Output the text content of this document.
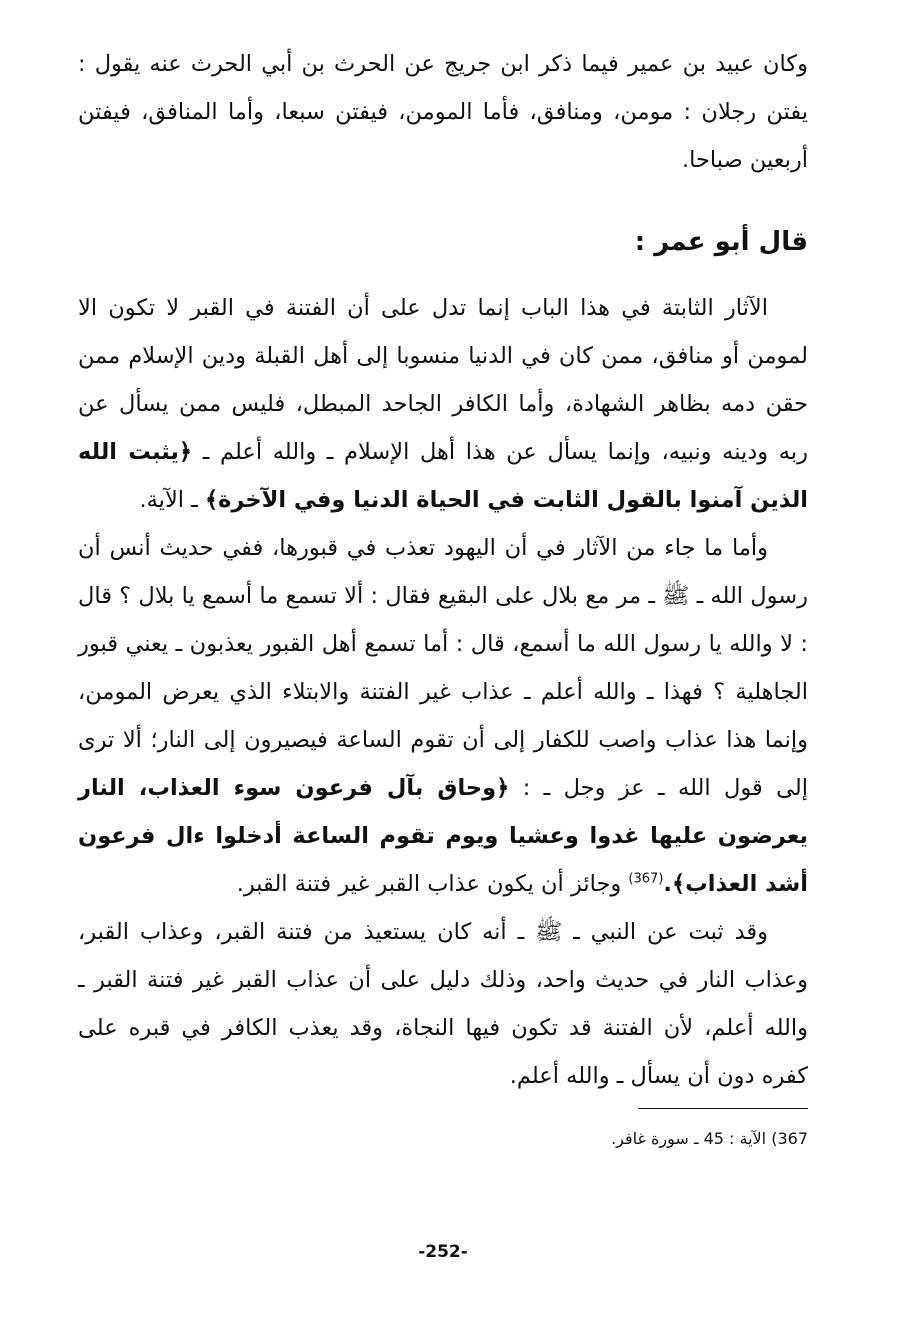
وكان عبيد بن عمير فيما ذكر ابن جريج عن الحرث بن أبي الحرث عنه يقول : يفتن رجلان : مومن، ومنافق، فأما المومن، فيفتن سبعا، وأما المنافق، فيفتن أربعين صباحا.

قال أبو عمر :

الآثار الثابتة في هذا الباب إنما تدل على أن الفتنة في القبر لا تكون الا لمومن أو منافق، ممن كان في الدنيا منسوبا إلى أهل القبلة ودين الإسلام ممن حقن دمه بظاهر الشهادة، وأما الكافر الجاحد المبطل، فليس ممن يسأل عن ربه ودينه ونبيه، وإنما يسأل عن هذا أهل الإسلام ـ والله أعلم ـ ﴿يثبت الله الذين آمنوا بالقول الثابت في الحياة الدنيا وفي الآخرة﴾ ـ الآية.

وأما ما جاء من الآثار في أن اليهود تعذب في قبورها، ففي حديث أنس أن رسول الله ـ ﷺ ـ مر مع بلال على البقيع فقال : ألا تسمع ما أسمع يا بلال ؟ قال : لا والله يا رسول الله ما أسمع، قال : أما تسمع أهل القبور يعذبون ـ يعني قبور الجاهلية ؟ فهذا ـ والله أعلم ـ عذاب غير الفتنة والابتلاء الذي يعرض المومن، وإنما هذا عذاب واصب للكفار إلى أن تقوم الساعة فيصيرون إلى النار؛ ألا ترى إلى قول الله ـ عز وجل ـ : ﴿وحاق بآل فرعون سوء العذاب، النار يعرضون عليها غدوا وعشيا ويوم تقوم الساعة أدخلوا ءال فرعون أشد العذاب﴾.$^{(367)}$ وجائز أن يكون عذاب القبر غير فتنة القبر.

وقد ثبت عن النبي ـ ﷺ ـ أنه كان يستعيذ من فتنة القبر، وعذاب القبر، وعذاب النار في حديث واحد، وذلك دليل على أن عذاب القبر غير فتنة القبر ـ والله أعلم، لأن الفتنة قد تكون فيها النجاة، وقد يعذب الكافر في قبره على كفره دون أن يسأل ـ والله أعلم.

367) الآية : 45 ـ سورة غافر.
-252-
